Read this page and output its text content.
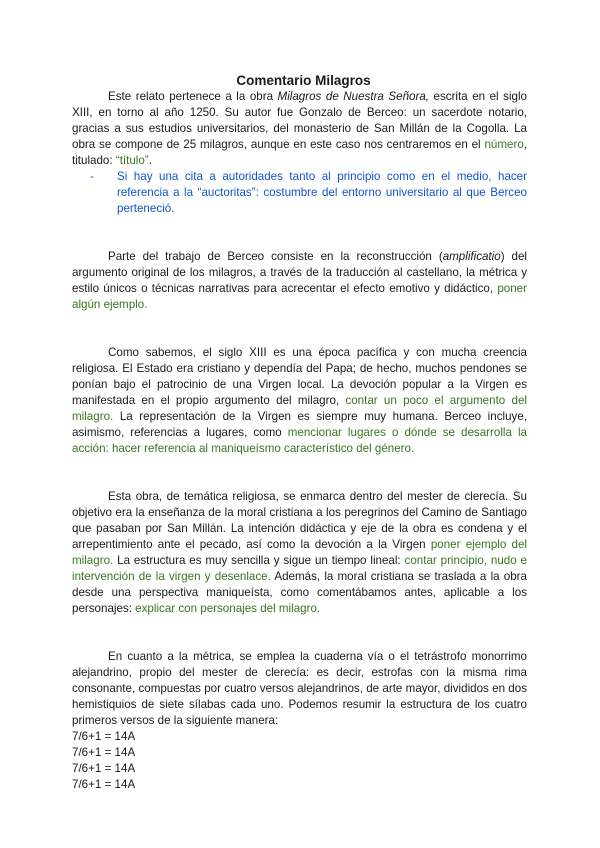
Comentario Milagros

Este relato pertenece a la obra Milagros de Nuestra Señora, escrita en el siglo XIII, en torno al año 1250. Su autor fue Gonzalo de Berceo: un sacerdote notario, gracias a sus estudios universitarios, del monasterio de San Millán de la Cogolla. La obra se compone de 25 milagros, aunque en este caso nos centraremos en el número, titulado: “título”.

-	Si hay una cita a autoridades tanto al principio como en el medio, hacer referencia a la “auctoritas”: costumbre del entorno universitario al que Berceo perteneció.

Parte del trabajo de Berceo consiste en la reconstrucción (amplificatio) del argumento original de los milagros, a través de la traducción al castellano, la métrica y estilo únicos o técnicas narrativas para acrecentar el efecto emotivo y didáctico, poner algún ejemplo.

Como sabemos, el siglo XIII es una época pacífica y con mucha creencia religiosa. El Estado era cristiano y dependía del Papa; de hecho, muchos pendones se ponían bajo el patrocinio de una Virgen local. La devoción popular a la Virgen es manifestada en el propio argumento del milagro, contar un poco el argumento del milagro. La representación de la Virgen es siempre muy humana. Berceo incluye, asimismo, referencias a lugares, como mencionar lugares o dónde se desarrolla la acción: hacer referencia al maniqueísmo característico del género.

Esta obra, de temática religiosa, se enmarca dentro del mester de clerecía. Su objetivo era la enseñanza de la moral cristiana a los peregrinos del Camino de Santiago que pasaban por San Millán. La intención didáctica y eje de la obra es condena y el arrepentimiento ante el pecado, así como la devoción a la Virgen poner ejemplo del milagro. La estructura es muy sencilla y sigue un tiempo lineal: contar principio, nudo e intervención de la virgen y desenlace. Además, la moral cristiana se traslada a la obra desde una perspectiva maniqueísta, como comentábamos antes, aplicable a los personajes: explicar con personajes del milagro.

En cuanto a la métrica, se emplea la cuaderna vía o el tetrástrofo monorrimo alejandrino, propio del mester de clerecía: es decir, estrofas con la misma rima consonante, compuestas por cuatro versos alejandrinos, de arte mayor, divididos en dos hemistiquios de siete sílabas cada uno. Podemos resumir la estructura de los cuatro primeros versos de la siguiente manera:

7/6+1 = 14A
7/6+1 = 14A
7/6+1 = 14A
7/6+1 = 14A
